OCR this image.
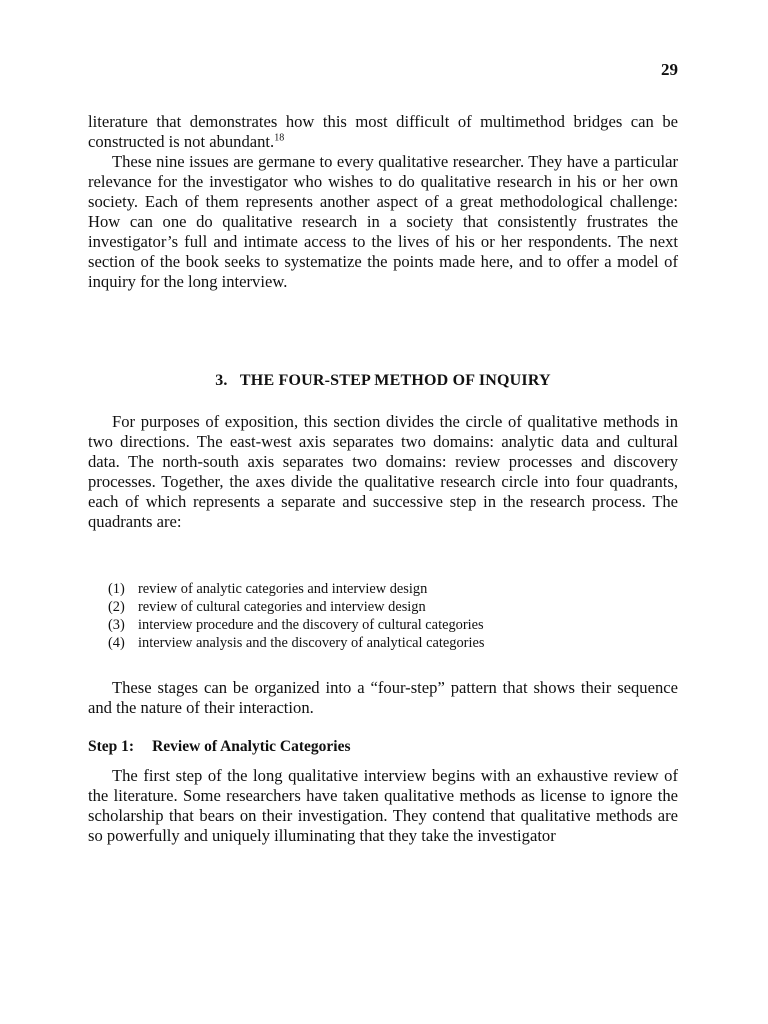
29

literature that demonstrates how this most difficult of multimethod bridges can be constructed is not abundant.$^{18}$

These nine issues are germane to every qualitative researcher. They have a particular relevance for the investigator who wishes to do qualitative research in his or her own society. Each of them represents another aspect of a great methodological challenge: How can one do qualitative research in a society that consistently frustrates the investigator’s full and intimate access to the lives of his or her respondents. The next section of the book seeks to systematize the points made here, and to offer a model of inquiry for the long interview.

3.   THE FOUR-STEP METHOD OF INQUIRY

For purposes of exposition, this section divides the circle of qualitative methods in two directions. The east-west axis separates two domains: analytic data and cultural data. The north-south axis separates two domains: review processes and discovery processes. Together, the axes divide the qualitative research circle into four quadrants, each of which represents a separate and successive step in the research process. The quadrants are:

(1) review of analytic categories and interview design
(2) review of cultural categories and interview design
(3) interview procedure and the discovery of cultural categories
(4) interview analysis and the discovery of analytical categories

These stages can be organized into a “four-step” pattern that shows their sequence and the nature of their interaction.

Step 1: Review of Analytic Categories

The first step of the long qualitative interview begins with an exhaustive review of the literature. Some researchers have taken qualitative methods as license to ignore the scholarship that bears on their investigation. They contend that qualitative methods are so powerfully and uniquely illuminating that they take the investigator
